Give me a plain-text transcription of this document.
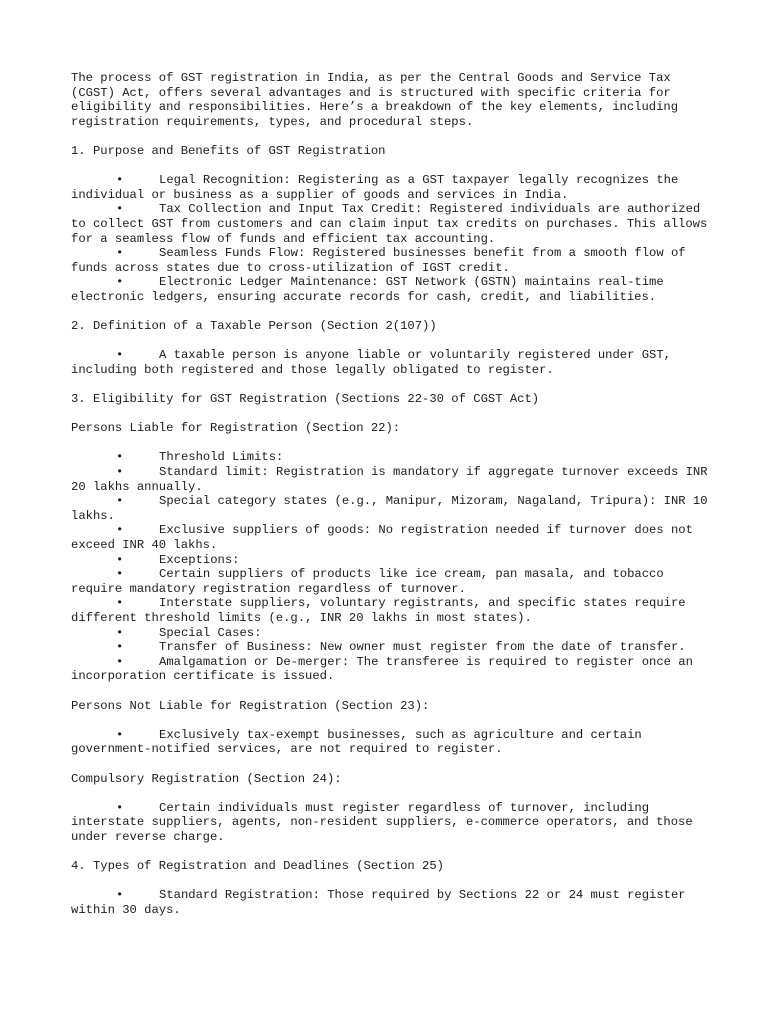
The process of GST registration in India, as per the Central Goods and Service Tax (CGST) Act, offers several advantages and is structured with specific criteria for eligibility and responsibilities. Here’s a breakdown of the key elements, including registration requirements, types, and procedural steps.

1. Purpose and Benefits of GST Registration

•	Legal Recognition: Registering as a GST taxpayer legally recognizes the individual or business as a supplier of goods and services in India.

•	Tax Collection and Input Tax Credit: Registered individuals are authorized to collect GST from customers and can claim input tax credits on purchases. This allows for a seamless flow of funds and efficient tax accounting.

•	Seamless Funds Flow: Registered businesses benefit from a smooth flow of funds across states due to cross-utilization of IGST credit.

•	Electronic Ledger Maintenance: GST Network (GSTN) maintains real-time electronic ledgers, ensuring accurate records for cash, credit, and liabilities.

2. Definition of a Taxable Person (Section 2(107))

•	A taxable person is anyone liable or voluntarily registered under GST, including both registered and those legally obligated to register.

3. Eligibility for GST Registration (Sections 22-30 of CGST Act)

Persons Liable for Registration (Section 22):

•	Threshold Limits:

•	Standard limit: Registration is mandatory if aggregate turnover exceeds INR 20 lakhs annually.

•	Special category states (e.g., Manipur, Mizoram, Nagaland, Tripura): INR 10 lakhs.

•	Exclusive suppliers of goods: No registration needed if turnover does not exceed INR 40 lakhs.

•	Exceptions:

•	Certain suppliers of products like ice cream, pan masala, and tobacco require mandatory registration regardless of turnover.

•	Interstate suppliers, voluntary registrants, and specific states require different threshold limits (e.g., INR 20 lakhs in most states).

•	Special Cases:

•	Transfer of Business: New owner must register from the date of transfer.

•	Amalgamation or De-merger: The transferee is required to register once an incorporation certificate is issued.

Persons Not Liable for Registration (Section 23):

•	Exclusively tax-exempt businesses, such as agriculture and certain government-notified services, are not required to register.

Compulsory Registration (Section 24):

•	Certain individuals must register regardless of turnover, including interstate suppliers, agents, non-resident suppliers, e-commerce operators, and those under reverse charge.

4. Types of Registration and Deadlines (Section 25)

•	Standard Registration: Those required by Sections 22 or 24 must register within 30 days.
